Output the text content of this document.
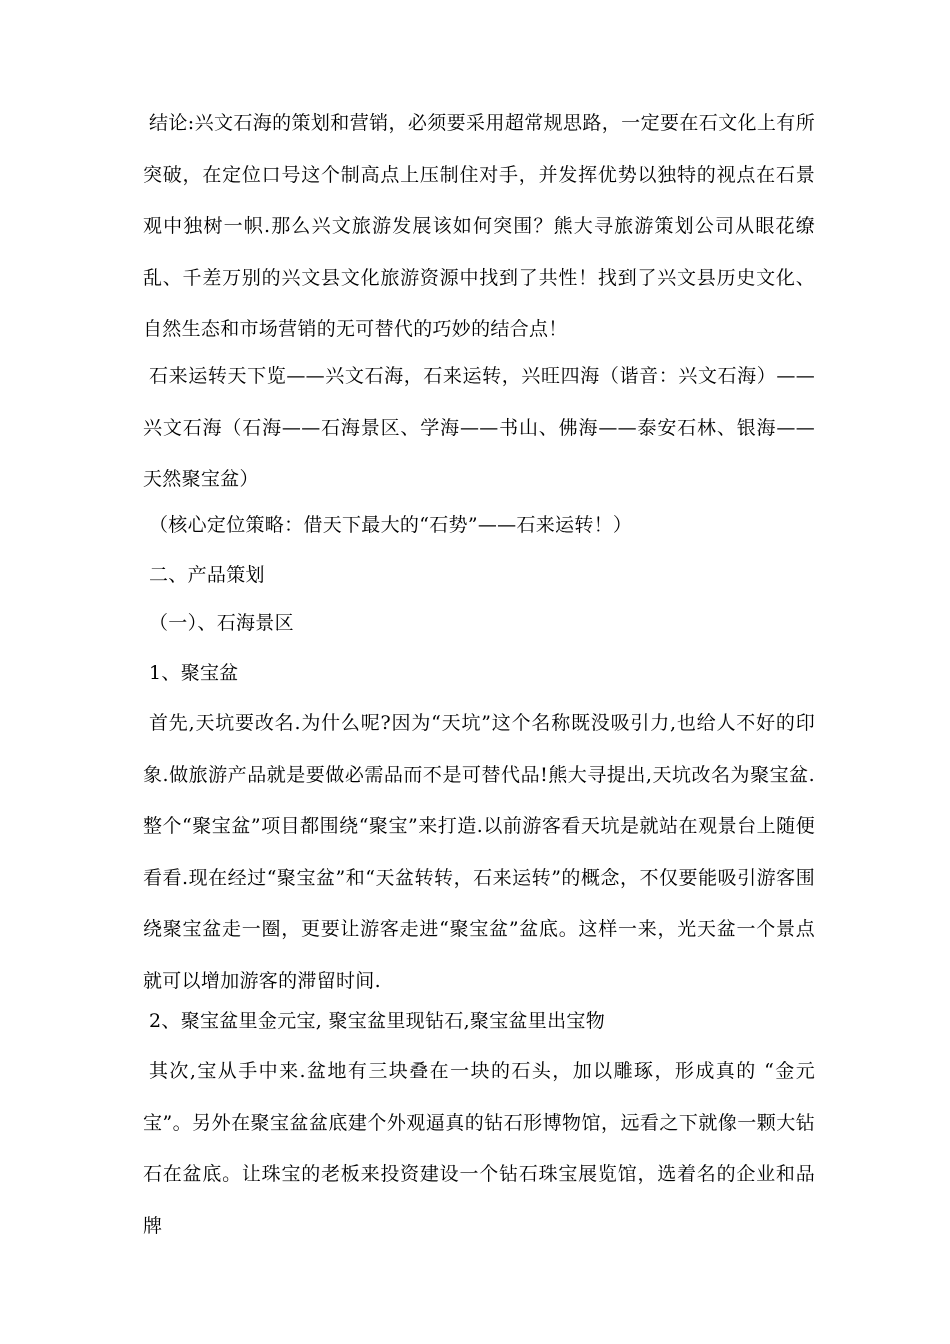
结论:兴文石海的策划和营销，必须要采用超常规思路，一定要在石文化上有所突破，在定位口号这个制高点上压制住对手，并发挥优势以独特的视点在石景观中独树一帜.那么兴文旅游发展该如何突围？熊大寻旅游策划公司从眼花缭乱、千差万别的兴文县文化旅游资源中找到了共性！找到了兴文县历史文化、自然生态和市场营销的无可替代的巧妙的结合点！

石来运转天下览——兴文石海，石来运转，兴旺四海（谐音：兴文石海）——兴文石海（石海——石海景区、学海——书山、佛海——泰安石林、银海——天然聚宝盆）

（核心定位策略：借天下最大的“石势”——石来运转！）

二、产品策划

（一）、石海景区

1、聚宝盆

首先,天坑要改名.为什么呢?因为“天坑”这个名称既没吸引力,也给人不好的印象.做旅游产品就是要做必需品而不是可替代品!熊大寻提出,天坑改名为聚宝盆.整个“聚宝盆”项目都围绕“聚宝”来打造.以前游客看天坑是就站在观景台上随便看看.现在经过“聚宝盆”和“天盆转转，石来运转”的概念，不仅要能吸引游客围绕聚宝盆走一圈，更要让游客走进“聚宝盆”盆底。这样一来，光天盆一个景点就可以增加游客的滞留时间.

2、聚宝盆里金元宝, 聚宝盆里现钻石,聚宝盆里出宝物

其次,宝从手中来.盆地有三块叠在一块的石头，加以雕琢，形成真的 “金元宝”。另外在聚宝盆盆底建个外观逼真的钻石形博物馆，远看之下就像一颗大钻石在盆底。让珠宝的老板来投资建设一个钻石珠宝展览馆，选着名的企业和品牌
